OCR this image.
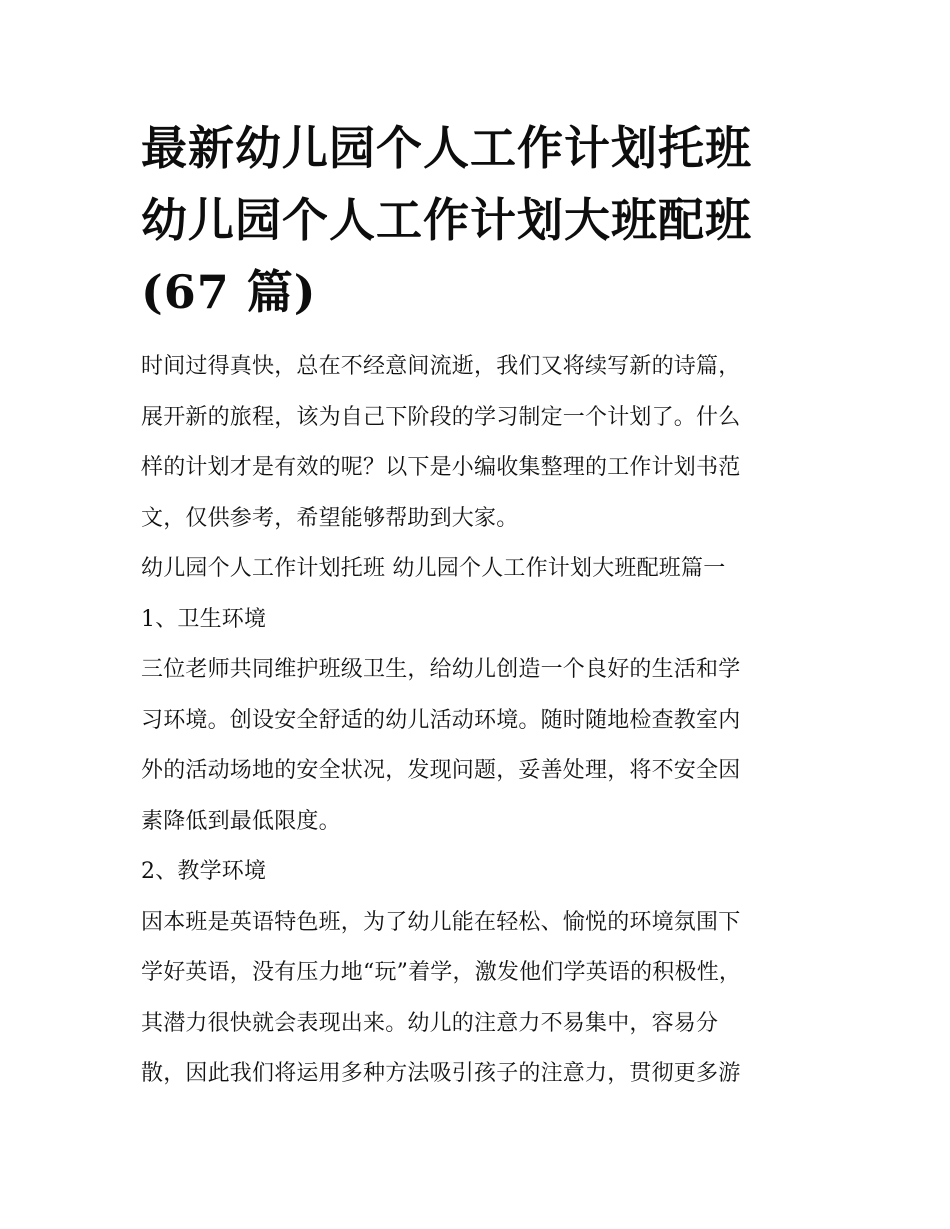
最新幼儿园个人工作计划托班
幼儿园个人工作计划大班配班
(67 篇)

时间过得真快，总在不经意间流逝，我们又将续写新的诗篇，
展开新的旅程，该为自己下阶段的学习制定一个计划了。什么
样的计划才是有效的呢？以下是小编收集整理的工作计划书范
文，仅供参考，希望能够帮助到大家。

幼儿园个人工作计划托班 幼儿园个人工作计划大班配班篇一

1、卫生环境

三位老师共同维护班级卫生，给幼儿创造一个良好的生活和学
习环境。创设安全舒适的幼儿活动环境。随时随地检查教室内
外的活动场地的安全状况，发现问题，妥善处理，将不安全因
素降低到最低限度。

2、教学环境

因本班是英语特色班，为了幼儿能在轻松、愉悦的环境氛围下
学好英语，没有压力地“玩”着学，激发他们学英语的积极性，
其潜力很快就会表现出来。幼儿的注意力不易集中，容易分
散，因此我们将运用多种方法吸引孩子的注意力，贯彻更多游
